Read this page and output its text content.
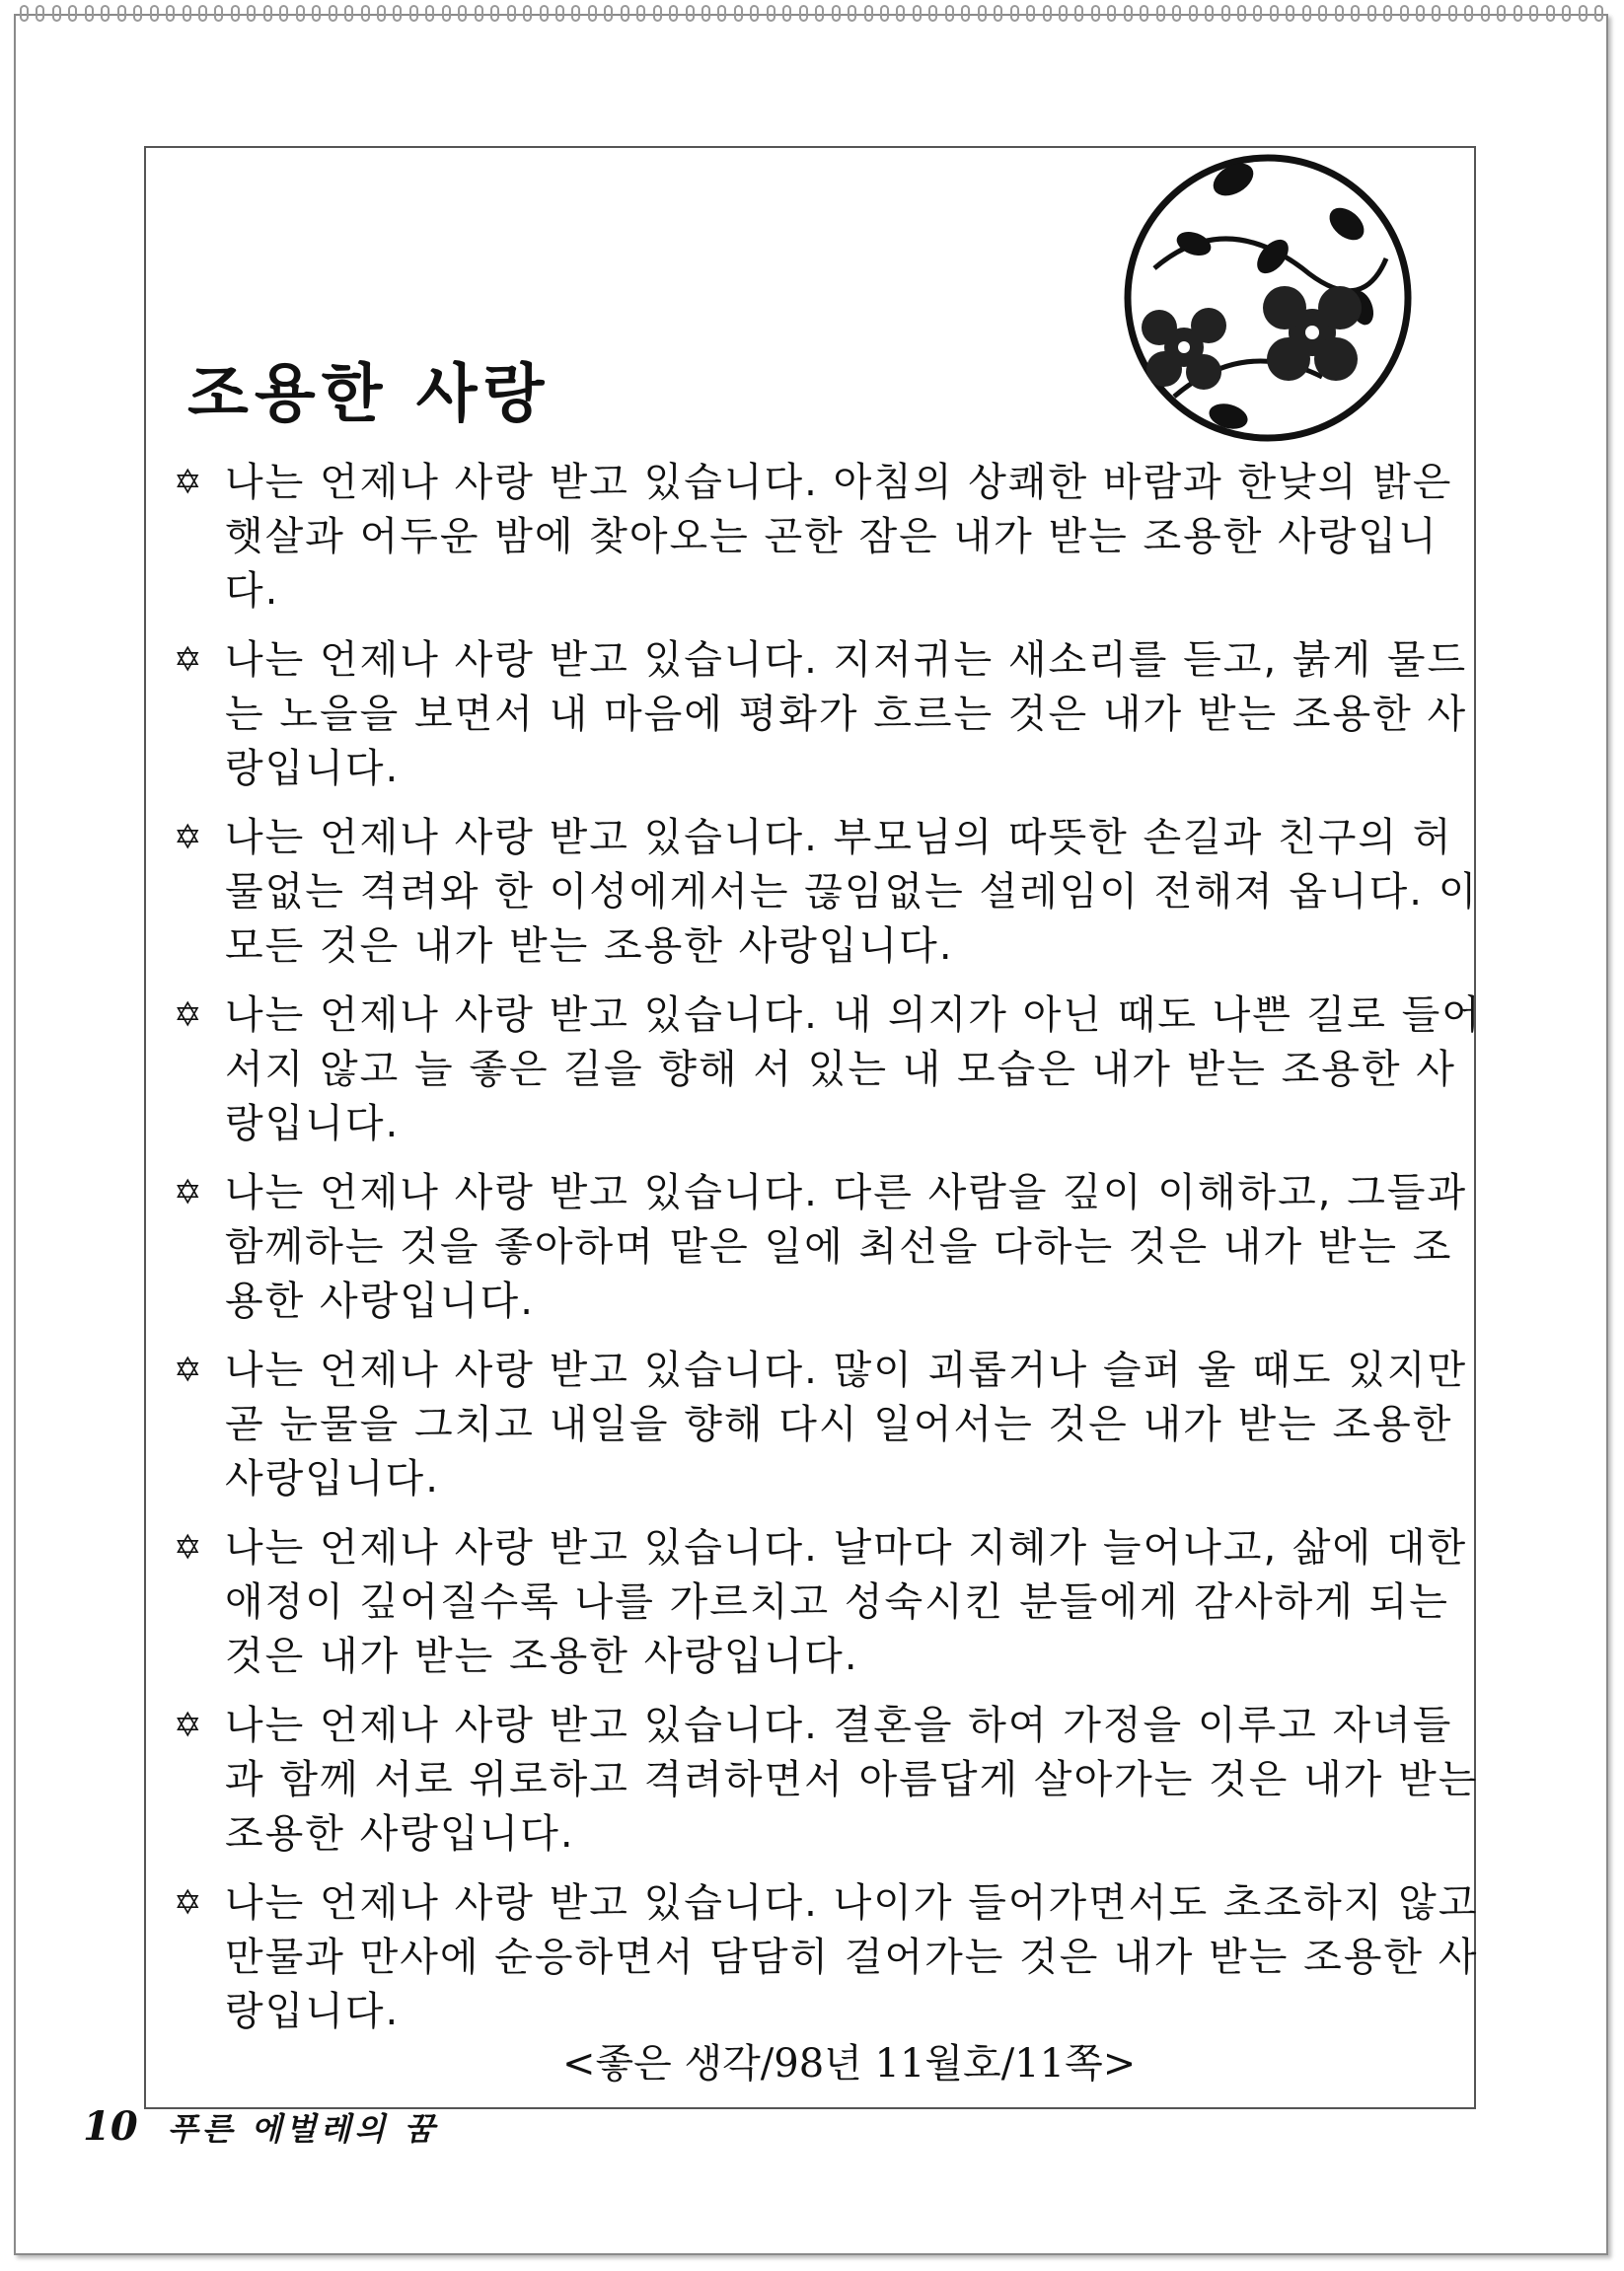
조용한 사랑
✡ 나는 언제나 사랑 받고 있습니다. 아침의 상쾌한 바람과 한낮의 밝은 햇살과 어두운 밤에 찾아오는 곤한 잠은 내가 받는 조용한 사랑입니다.
✡ 나는 언제나 사랑 받고 있습니다. 지저귀는 새소리를 듣고, 붉게 물드는 노을을 보면서 내 마음에 평화가 흐르는 것은 내가 받는 조용한 사랑입니다.
✡ 나는 언제나 사랑 받고 있습니다. 부모님의 따뜻한 손길과 친구의 허물없는 격려와 한 이성에게서는 끊임없는 설레임이 전해져 옵니다. 이 모든 것은 내가 받는 조용한 사랑입니다.
✡ 나는 언제나 사랑 받고 있습니다. 내 의지가 아닌 때도 나쁜 길로 들어서지 않고 늘 좋은 길을 향해 서 있는 내 모습은 내가 받는 조용한 사랑입니다.
✡ 나는 언제나 사랑 받고 있습니다. 다른 사람을 깊이 이해하고, 그들과 함께하는 것을 좋아하며 맡은 일에 최선을 다하는 것은 내가 받는 조용한 사랑입니다.
✡ 나는 언제나 사랑 받고 있습니다. 많이 괴롭거나 슬퍼 울 때도 있지만 곧 눈물을 그치고 내일을 향해 다시 일어서는 것은 내가 받는 조용한 사랑입니다.
✡ 나는 언제나 사랑 받고 있습니다. 날마다 지혜가 늘어나고, 삶에 대한 애정이 깊어질수록 나를 가르치고 성숙시킨 분들에게 감사하게 되는 것은 내가 받는 조용한 사랑입니다.
✡ 나는 언제나 사랑 받고 있습니다. 결혼을 하여 가정을 이루고 자녀들과 함께 서로 위로하고 격려하면서 아름답게 살아가는 것은 내가 받는 조용한 사랑입니다.
✡ 나는 언제나 사랑 받고 있습니다. 나이가 들어가면서도 초조하지 않고 만물과 만사에 순응하면서 담담히 걸어가는 것은 내가 받는 조용한 사랑입니다.

<좋은 생각/98년 11월호/11쪽>

10 푸른 에벌레의 꿈
